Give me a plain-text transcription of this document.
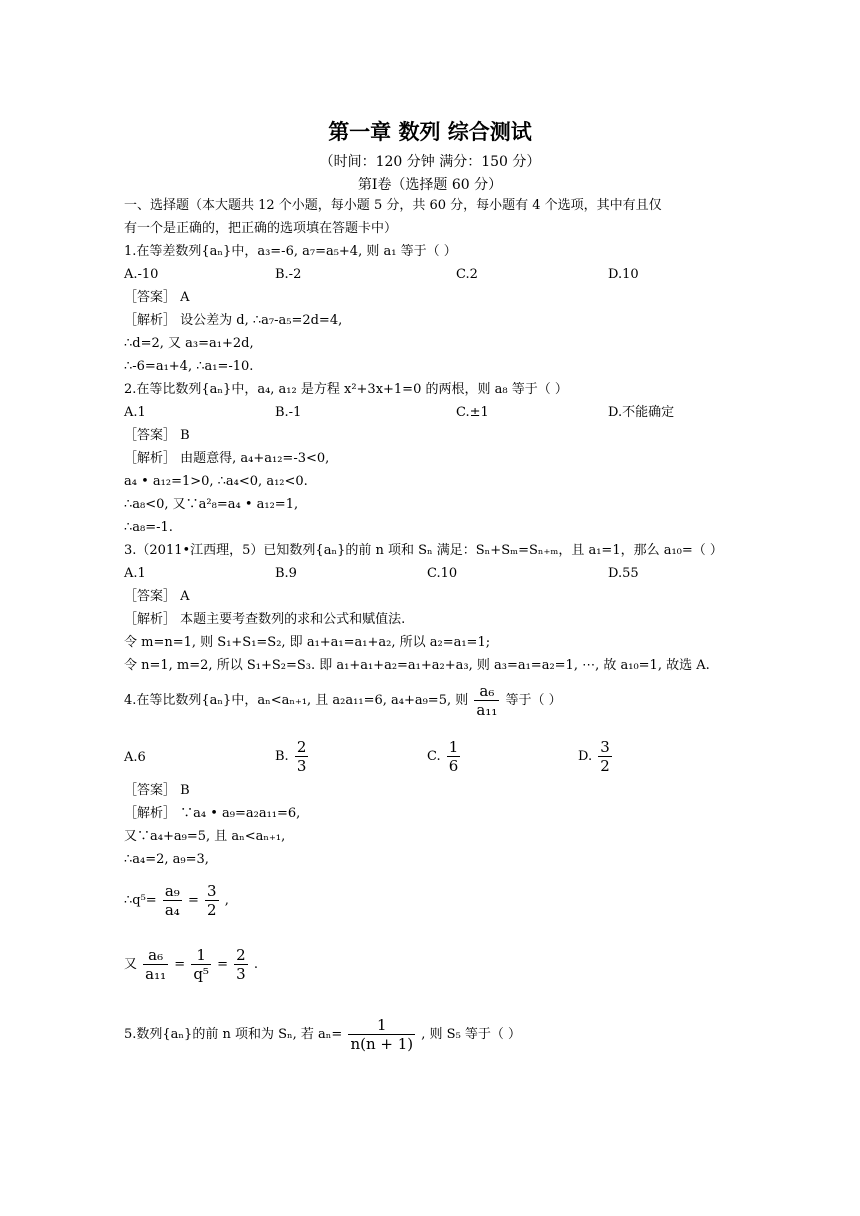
第一章 数列 综合测试
（时间：120 分钟 满分：150 分）
第Ⅰ卷（选择题 60 分）
一、选择题（本大题共 12 个小题，每小题 5 分，共 60 分，每小题有 4 个选项，其中有且仅
有一个是正确的，把正确的选项填在答题卡中）
1.在等差数列{aₙ}中，a₃=-6, a₇=a₅+4, 则 a₁ 等于（ ）
A.-10	B.-2	C.2	D.10
［答案］ A
［解析］ 设公差为 d, ∴a₇-a₅=2d=4,
∴d=2, 又 a₃=a₁+2d,
∴-6=a₁+4, ∴a₁=-10.
2.在等比数列{aₙ}中，a₄, a₁₂ 是方程 x²+3x+1=0 的两根，则 a₈ 等于（ ）
A.1	B.-1	C.±1	D.不能确定
［答案］ B
［解析］ 由题意得, a₄+a₁₂=-3<0,
a₄ • a₁₂=1>0, ∴a₄<0, a₁₂<0.
∴a₈<0, 又∵a²₈=a₄ • a₁₂=1,
∴a₈=-1.
3.（2011•江西理，5）已知数列{aₙ}的前 n 项和 Sₙ 满足：Sₙ+Sₘ=Sₙ₊ₘ，且 a₁=1，那么 a₁₀=（ ）
A.1	B.9	C.10	D.55
［答案］ A
［解析］ 本题主要考查数列的求和公式和赋值法.
令 m=n=1, 则 S₁+S₁=S₂, 即 a₁+a₁=a₁+a₂, 所以 a₂=a₁=1;
令 n=1, m=2, 所以 S₁+S₂=S₃. 即 a₁+a₁+a₂=a₁+a₂+a₃, 则 a₃=a₁=a₂=1, ⋯, 故 a₁₀=1, 故选 A.
4.在等比数列{aₙ}中，aₙ<aₙ₊₁, 且 a₂a₁₁=6, a₄+a₉=5, 则 $\frac{\text{a₆}}{\text{a₁₁}}$ 等于（ ）
A.6	B. $\frac{2}{3}$	C. $\frac{1}{6}$	D. $\frac{3}{2}$
［答案］ B
［解析］ ∵a₄ • a₉=a₂a₁₁=6,
又∵a₄+a₉=5, 且 aₙ<aₙ₊₁,
∴a₄=2, a₉=3,
∴q⁵= $\frac{\text{a₉}}{\text{a₄}} = \frac{3}{2}$ ,
又 $\frac{\text{a₆}}{\text{a₁₁}} = \frac{1}{\text{q⁵}} = \frac{2}{3}$ .
5.数列{aₙ}的前 n 项和为 Sₙ, 若 $a_n= \frac{1}{n(n + 1)}$ , 则 S₅ 等于（ ）
